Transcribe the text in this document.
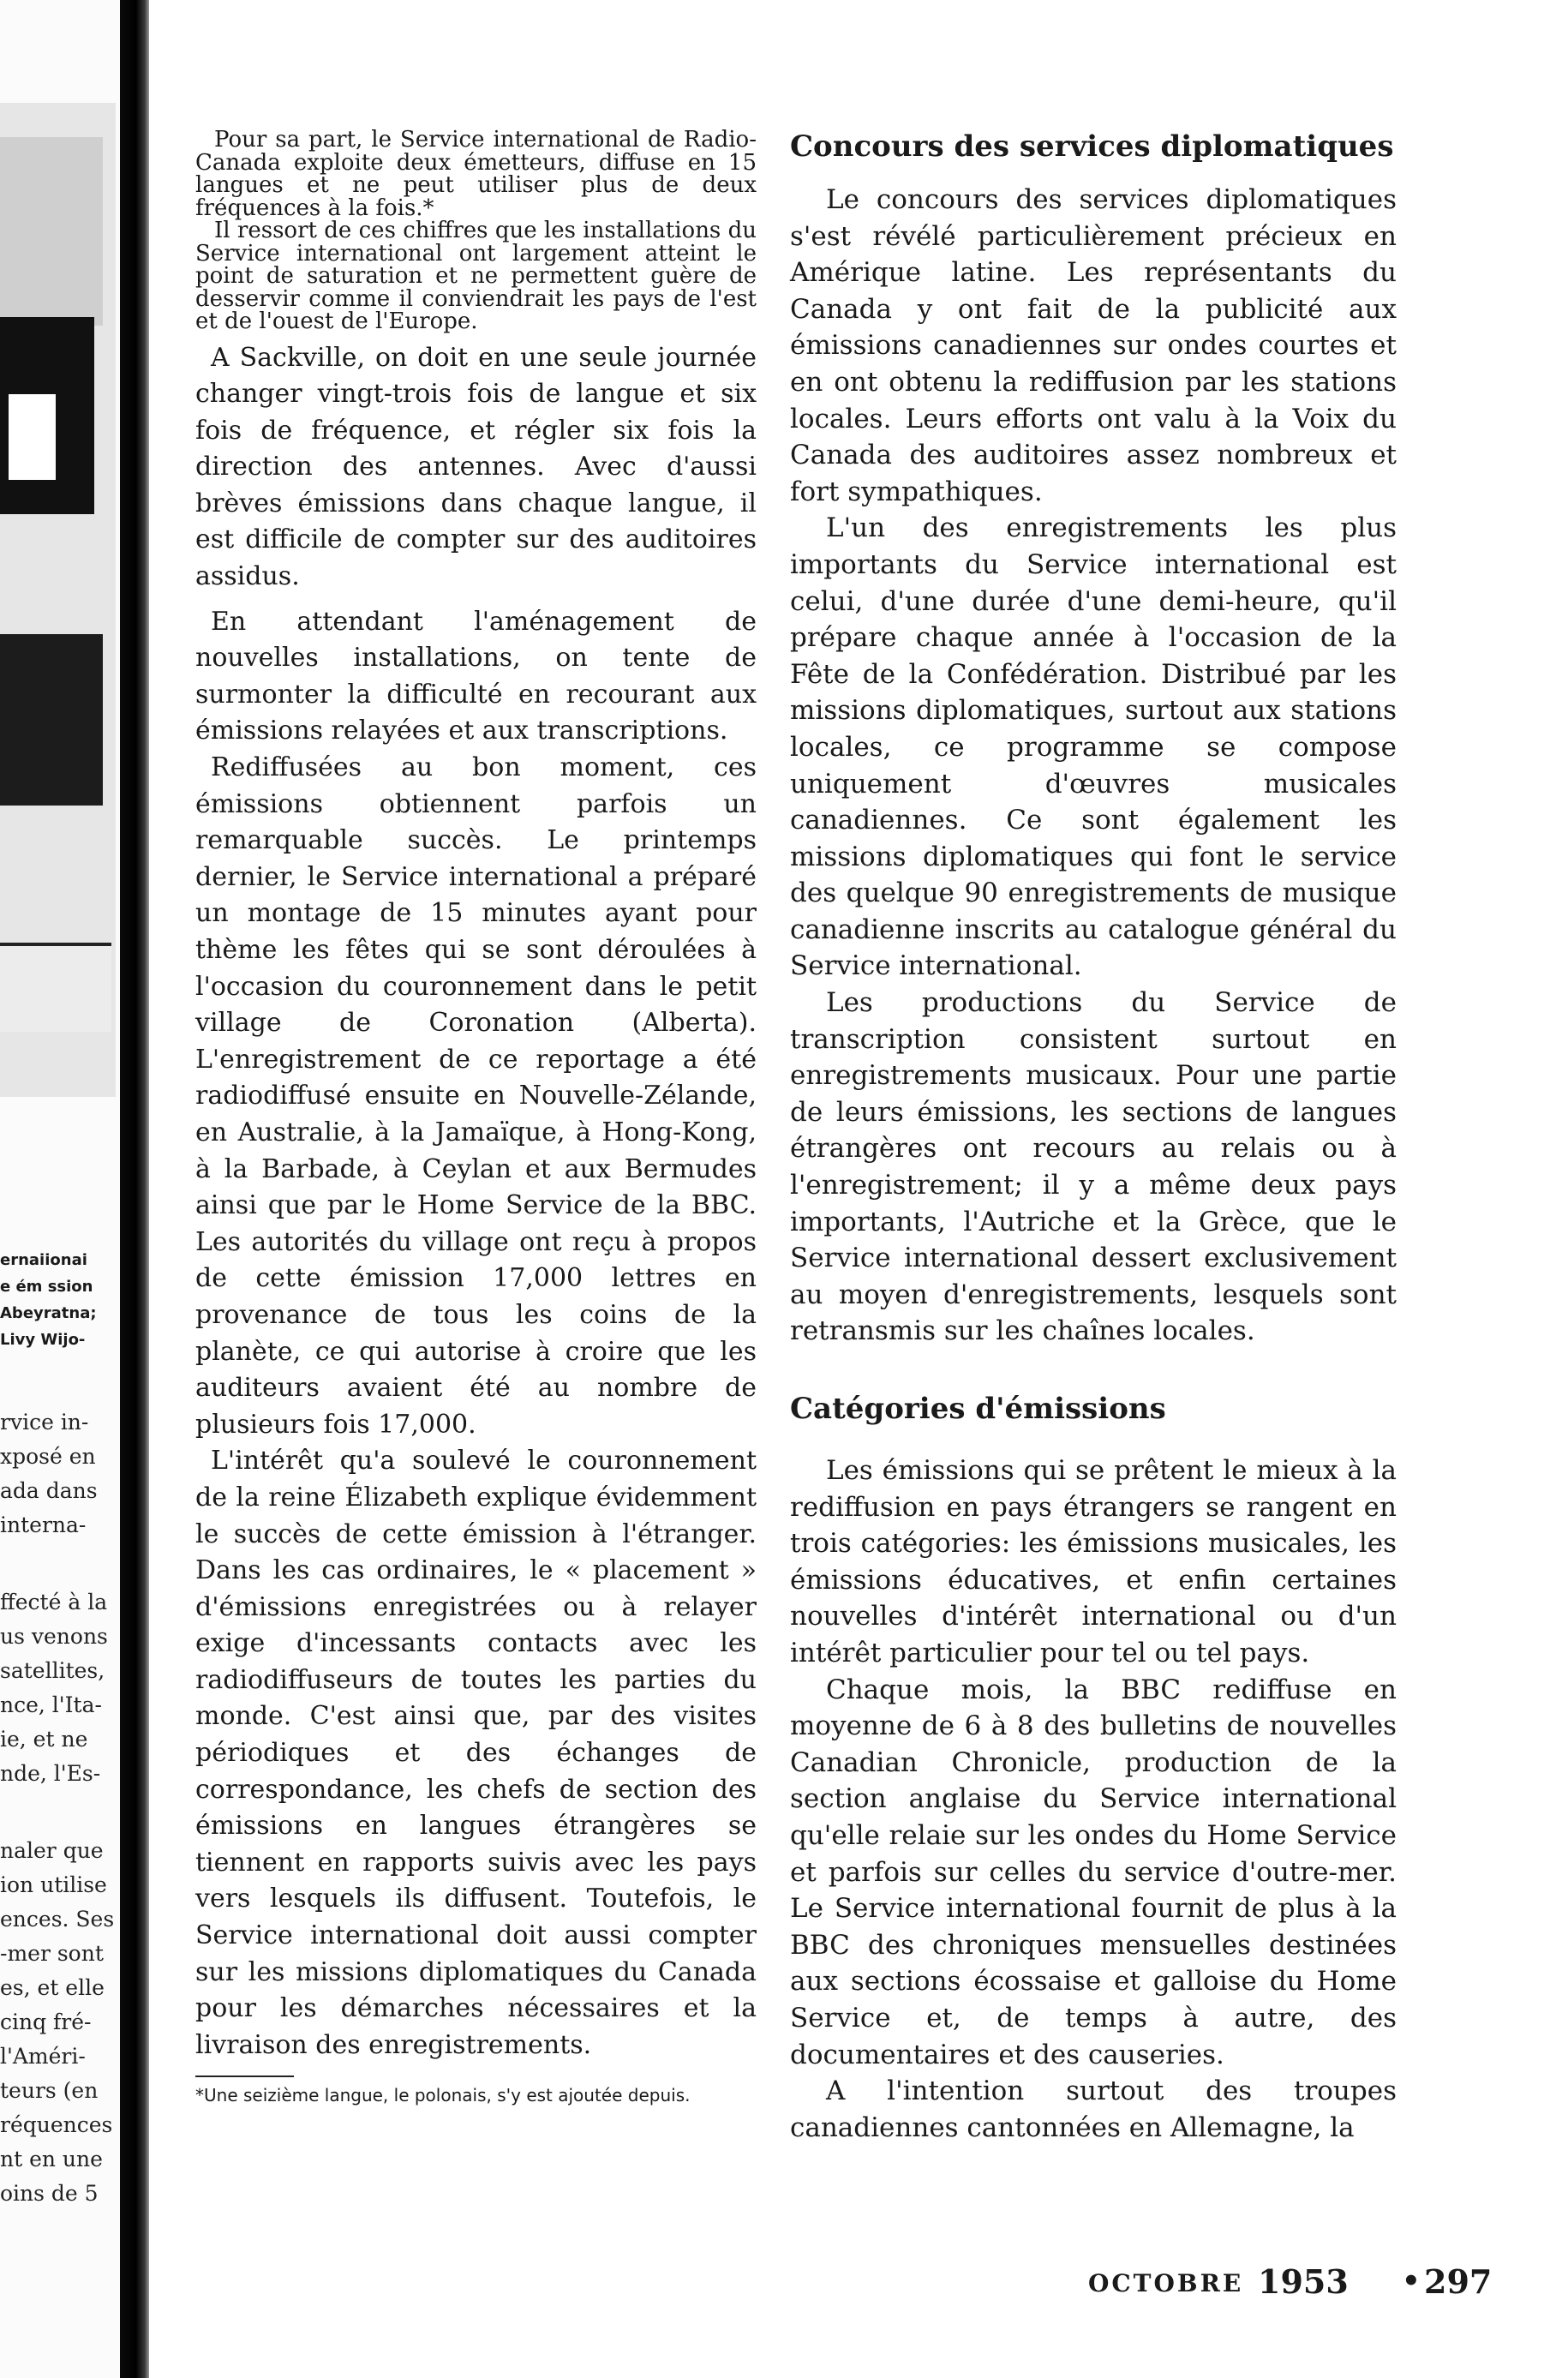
ernaiionai
e ém ssion
Abeyratna;
Livy Wijo-
rvice in-
xposé en
ada dans
interna-
ffecté à la
us venons
satellites,
nce, l'Ita-
ie, et ne
nde, l'Es-
naler que
ion utilise
ences. Ses
-mer sont
es, et elle
cinq fré-
l'Améri-
teurs (en
réquences
nt en une
oins de 5

Pour sa part, le Service international de Radio-Canada exploite deux émetteurs, diffuse en 15 langues et ne peut utiliser plus de deux fréquences à la fois.*

Il ressort de ces chiffres que les installations du Service international ont largement atteint le point de saturation et ne permettent guère de desservir comme il conviendrait les pays de l'est et de l'ouest de l'Europe.

A Sackville, on doit en une seule journée changer vingt-trois fois de langue et six fois de fréquence, et régler six fois la direction des antennes. Avec d'aussi brèves émissions dans chaque langue, il est difficile de compter sur des auditoires assidus.

En attendant l'aménagement de nouvelles installations, on tente de surmonter la difficulté en recourant aux émissions relayées et aux transcriptions.

Rediffusées au bon moment, ces émissions obtiennent parfois un remarquable succès. Le printemps dernier, le Service international a préparé un montage de 15 minutes ayant pour thème les fêtes qui se sont déroulées à l'occasion du couronnement dans le petit village de Coronation (Alberta). L'enregistrement de ce reportage a été radiodiffusé ensuite en Nouvelle-Zélande, en Australie, à la Jamaïque, à Hong-Kong, à la Barbade, à Ceylan et aux Bermudes ainsi que par le Home Service de la BBC. Les autorités du village ont reçu à propos de cette émission 17,000 lettres en provenance de tous les coins de la planète, ce qui autorise à croire que les auditeurs avaient été au nombre de plusieurs fois 17,000.

L'intérêt qu'a soulevé le couronnement de la reine Élizabeth explique évidemment le succès de cette émission à l'étranger. Dans les cas ordinaires, le « placement » d'émissions enregistrées ou à relayer exige d'incessants contacts avec les radiodiffuseurs de toutes les parties du monde. C'est ainsi que, par des visites périodiques et des échanges de correspondance, les chefs de section des émissions en langues étrangères se tiennent en rapports suivis avec les pays vers lesquels ils diffusent. Toutefois, le Service international doit aussi compter sur les missions diplomatiques du Canada pour les démarches nécessaires et la livraison des enregistrements.

*Une seizième langue, le polonais, s'y est ajoutée depuis.
Concours des services diplomatiques

Le concours des services diplomatiques s'est révélé particulièrement précieux en Amérique latine. Les représentants du Canada y ont fait de la publicité aux émissions canadiennes sur ondes courtes et en ont obtenu la rediffusion par les stations locales. Leurs efforts ont valu à la Voix du Canada des auditoires assez nombreux et fort sympathiques.

L'un des enregistrements les plus importants du Service international est celui, d'une durée d'une demi-heure, qu'il prépare chaque année à l'occasion de la Fête de la Confédération. Distribué par les missions diplomatiques, surtout aux stations locales, ce programme se compose uniquement d'œuvres musicales canadiennes. Ce sont également les missions diplomatiques qui font le service des quelque 90 enregistrements de musique canadienne inscrits au catalogue général du Service international.

Les productions du Service de transcription consistent surtout en enregistrements musicaux. Pour une partie de leurs émissions, les sections de langues étrangères ont recours au relais ou à l'enregistrement; il y a même deux pays importants, l'Autriche et la Grèce, que le Service international dessert exclusivement au moyen d'enregistrements, lesquels sont retransmis sur les chaînes locales.

Catégories d'émissions

Les émissions qui se prêtent le mieux à la rediffusion en pays étrangers se rangent en trois catégories: les émissions musicales, les émissions éducatives, et enfin certaines nouvelles d'intérêt international ou d'un intérêt particulier pour tel ou tel pays.

Chaque mois, la BBC rediffuse en moyenne de 6 à 8 des bulletins de nouvelles Canadian Chronicle, production de la section anglaise du Service international qu'elle relaie sur les ondes du Home Service et parfois sur celles du service d'outre-mer. Le Service international fournit de plus à la BBC des chroniques mensuelles destinées aux sections écossaise et galloise du Home Service et, de temps à autre, des documentaires et des causeries.

A l'intention surtout des troupes canadiennes cantonnées en Allemagne, la

OCTOBRE 1953 • 297
